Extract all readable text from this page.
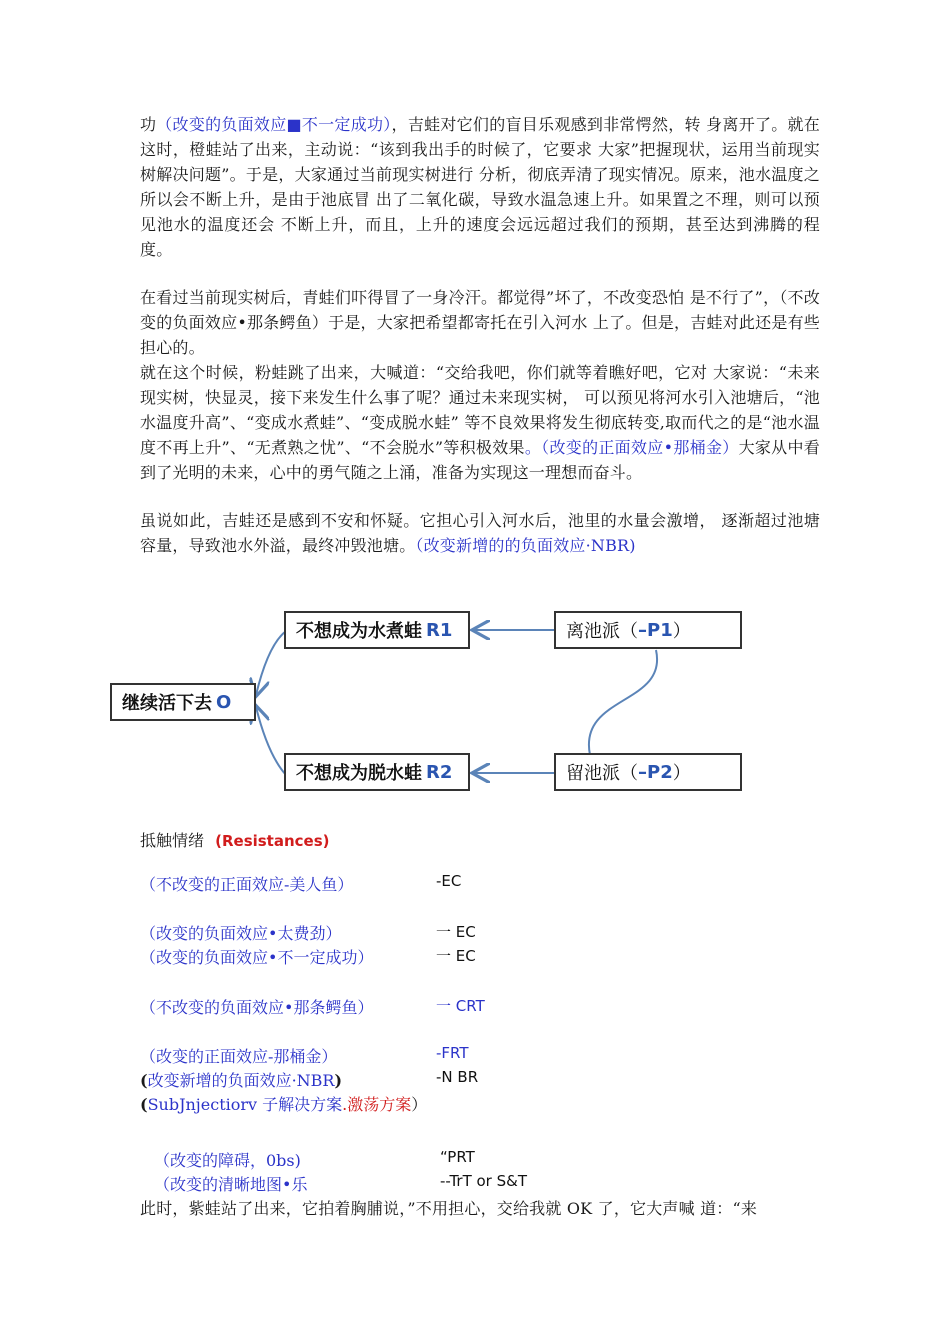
功（改变的负面效应■不一定成功），吉蛙对它们的盲目乐观感到非常愕然，转 身离开了。就在这时，橙蛙站了出来，主动说：“该到我出手的时候了，它要求 大家”把握现状，运用当前现实树解决问题”。于是，大家通过当前现实树进行 分析，彻底弄清了现实情况。原来，池水温度之所以会不断上升，是由于池底冒 出了二氧化碳，导致水温急速上升。如果置之不理，则可以预见池水的温度还会 不断上升，而且，上升的速度会远远超过我们的预期，甚至达到沸腾的程度。

在看过当前现实树后，青蛙们吓得冒了一身冷汗。都觉得”坏了，不改变恐怕 是不行了”，（不改变的负面效应•那条鳄鱼）于是，大家把希望都寄托在引入河水 上了。但是，吉蛙对此还是有些担心的。

就在这个时候，粉蛙跳了出来，大喊道：“交给我吧，你们就等着瞧好吧，它对 大家说：“未来现实树，快显灵，接下来发生什么事了呢？通过未来现实树， 可以预见将河水引入池塘后，“池水温度升高”、“变成水煮蛙”、“变成脱水蛙” 等不良效果将发生彻底转变,取而代之的是“池水温度不再上升”、“无煮熟之忧”、“不会脱水”等积极效果。（改变的正面效应•那桶金）大家从中看到了光明的未来，心中的勇气随之上涌，准备为实现这一理想而奋斗。

虽说如此，吉蛙还是感到不安和怀疑。它担心引入河水后，池里的水量会激增， 逐渐超过池塘容量，导致池水外溢，最终冲毁池塘。（改变新增的的负面效应·NBR)

继续活下去 O
不想成为水煮蛙 R1
不想成为脱水蛙 R2
离池派（ –P1 ）
留池派（ –P2 ）
抵触情绪 (Resistances)
（不改变的正面效应-美人鱼）	-EC
（改变的负面效应•太费劲）	一 EC
（改变的负面效应•不一定成功）	一 EC
（不改变的负面效应•那条鳄鱼）	一 CRT
（改变的正面效应-那桶金）	-FRT
(改变新增的负面效应·NBR)	-N BR
(SubJnjectiorv 子解决方案.激荡方案）
（改变的障碍，0bs)	“PRT
（改变的清晰地图•乐	--TrT or S&T

此时，紫蛙站了出来，它拍着胸脯说，”不用担心，交给我就 OK 了，它大声喊 道：“来
